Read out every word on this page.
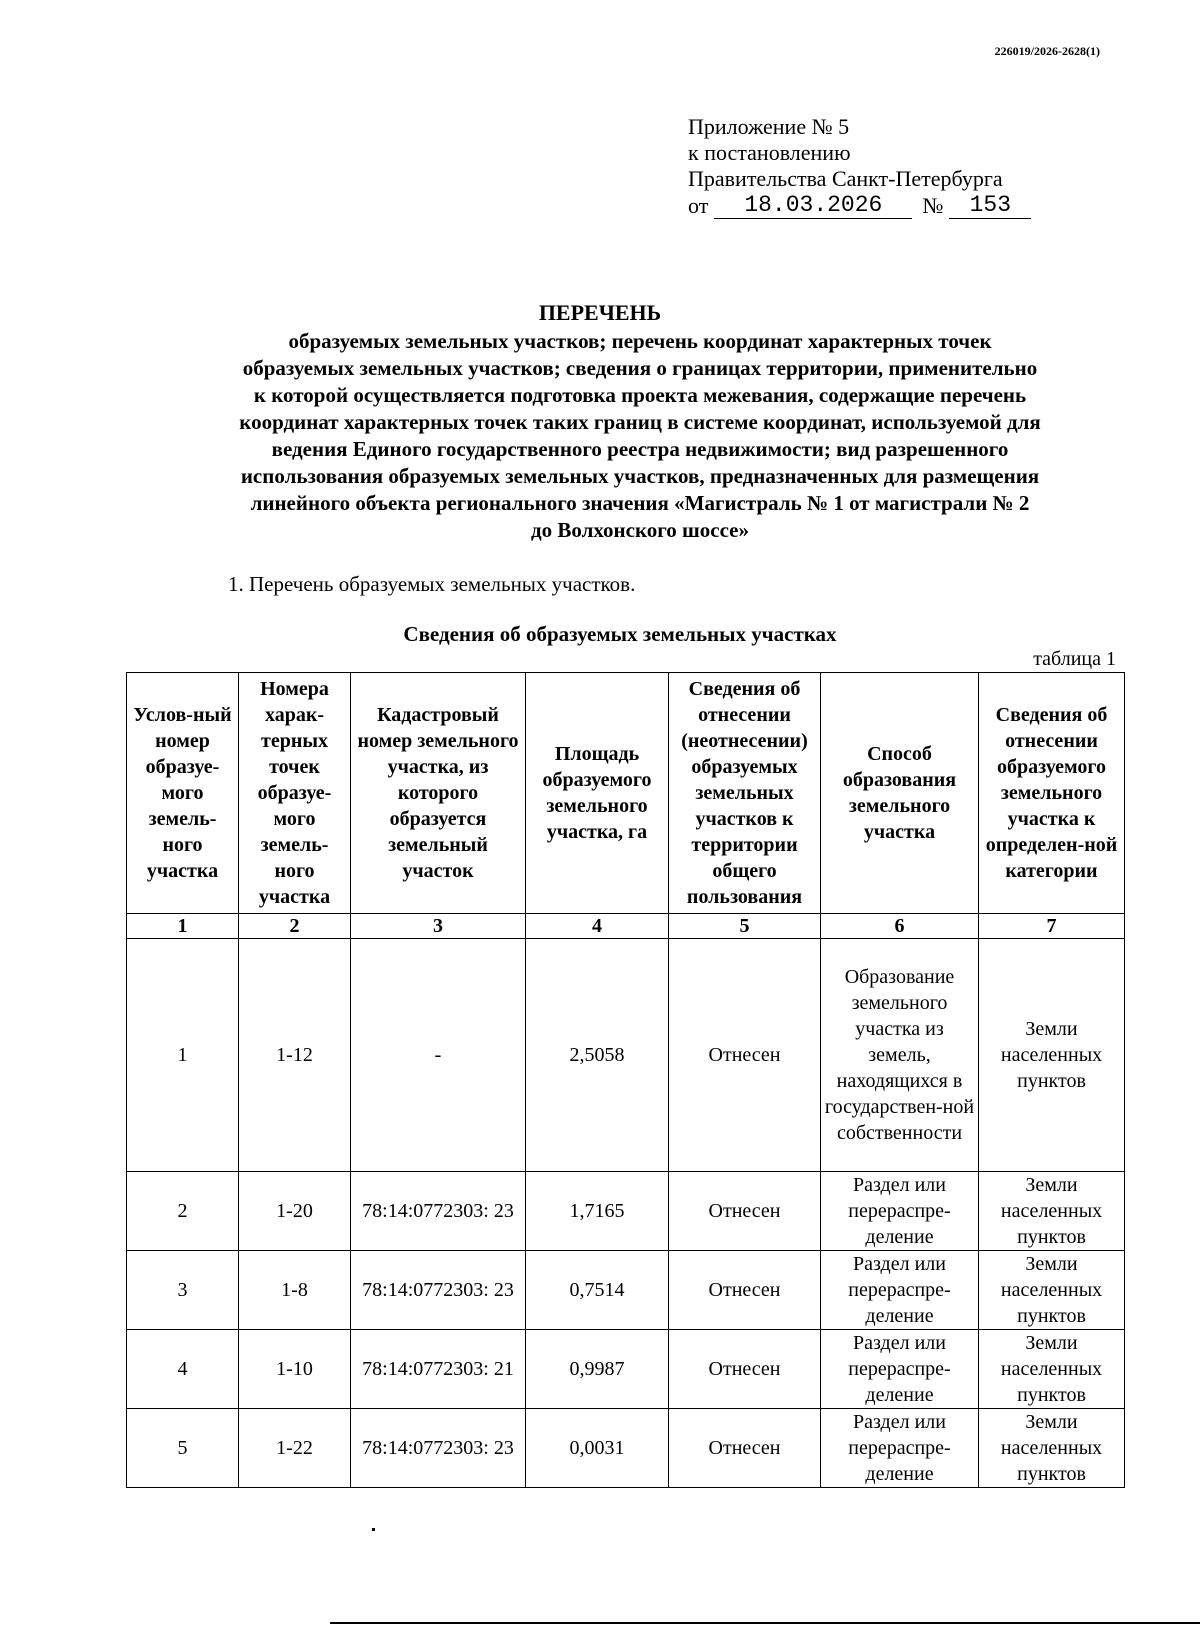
226019/2026-2628(1)
Приложение № 5
к постановлению
Правительства Санкт-Петербурга
от	18.03.2026	№	153
ПЕРЕЧЕНЬ
образуемых земельных участков; перечень координат характерных точек
образуемых земельных участков; сведения о границах территории, применительно
к которой осуществляется подготовка проекта межевания, содержащие перечень
координат характерных точек таких границ в системе координат, используемой для
ведения Единого государственного реестра недвижимости; вид разрешенного
использования образуемых земельных участков, предназначенных для размещения
линейного объекта регионального значения «Магистраль № 1 от магистрали № 2
до Волхонского шоссе»
1. Перечень образуемых земельных участков.
Сведения об образуемых земельных участках
таблица 1
Услов-ный номер образуе-мого земель-ного участка	Номера харак-терных точек образуе-мого земель-ного участка	Кадастровый номер земельного участка, из которого образуется земельный участок	Площадь образуемого земельного участка, га	Сведения об отнесении (неотнесении) образуемых земельных участков к территории общего пользования	Способ образования земельного участка	Сведения об отнесении образуемого земельного участка к определен-ной категории
1	2	3	4	5	6	7
1	1-12	-	2,5058	Отнесен	Образование земельного участка из земель, находящихся в государствен-ной собственности	Земли населенных пунктов
2	1-20	78:14:0772303: 23	1,7165	Отнесен	Раздел или перераспре-деление	Земли населенных пунктов
3	1-8	78:14:0772303: 23	0,7514	Отнесен	Раздел или перераспре-деление	Земли населенных пунктов
4	1-10	78:14:0772303: 21	0,9987	Отнесен	Раздел или перераспре-деление	Земли населенных пунктов
5	1-22	78:14:0772303: 23	0,0031	Отнесен	Раздел или перераспре-деление	Земли населенных пунктов
